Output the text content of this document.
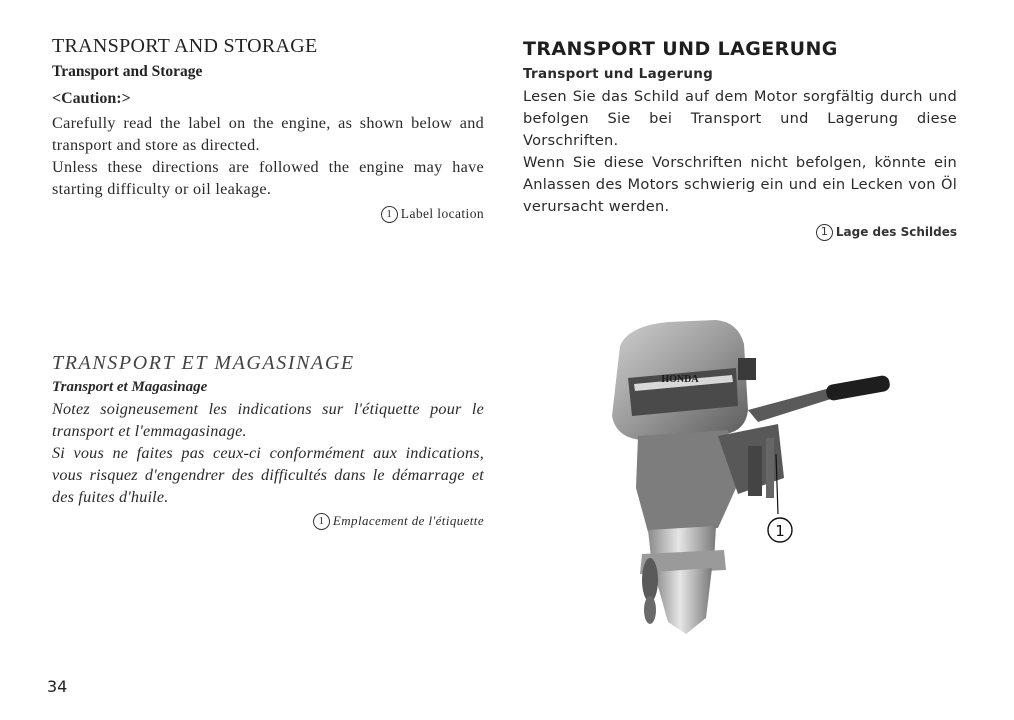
TRANSPORT AND STORAGE
Transport and Storage
<Caution:>

Carefully read the label on the engine, as shown below and transport and store as directed.

Unless these directions are followed the engine may have starting difficulty or oil leakage.

1 Label location
TRANSPORT UND LAGERUNG
Transport und Lagerung

Lesen Sie das Schild auf dem Motor sorgfältig durch und befolgen Sie bei Transport und Lagerung diese Vorschriften.

Wenn Sie diese Vorschriften nicht befolgen, könnte ein Anlassen des Motors schwierig ein und ein Lecken von Öl verursacht werden.

1 Lage des Schildes
TRANSPORT ET MAGASINAGE
Transport et Magasinage

Notez soigneusement les indications sur l'étiquette pour le transport et l'emmagasinage.

Si vous ne faites pas ceux-ci conformément aux indications, vous risquez d'engendrer des difficultés dans le démarrage et des fuites d'huile.

1 Emplacement de l'étiquette
HONDA
1
34
